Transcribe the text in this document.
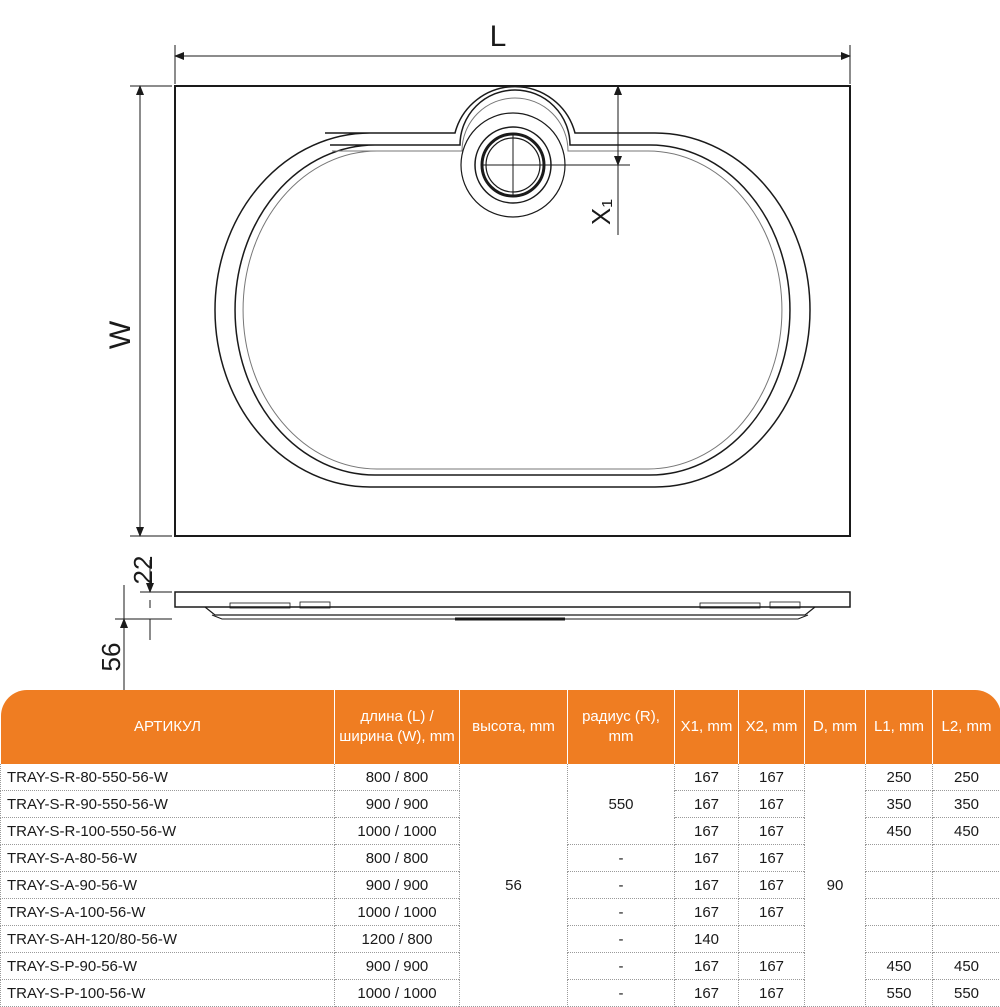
L
W
X₁
22
56
АРТИКУЛ	длина (L) / ширина (W), mm	высота, mm	радиус (R), mm	X1, mm	X2, mm	D, mm	L1, mm	L2, mm
TRAY-S-R-80-550-56-W	800 / 800	56	550	167	167	90	250	250
TRAY-S-R-90-550-56-W	900 / 900			167	167		350	350
TRAY-S-R-100-550-56-W	1000 / 1000			167	167		450	450
TRAY-S-A-80-56-W	800 / 800		-	167	167			
TRAY-S-A-90-56-W	900 / 900		-	167	167			
TRAY-S-A-100-56-W	1000 / 1000		-	167	167			
TRAY-S-AH-120/80-56-W	1200 / 800		-	140				
TRAY-S-P-90-56-W	900 / 900		-	167	167		450	450
TRAY-S-P-100-56-W	1000 / 1000		-	167	167		550	550
